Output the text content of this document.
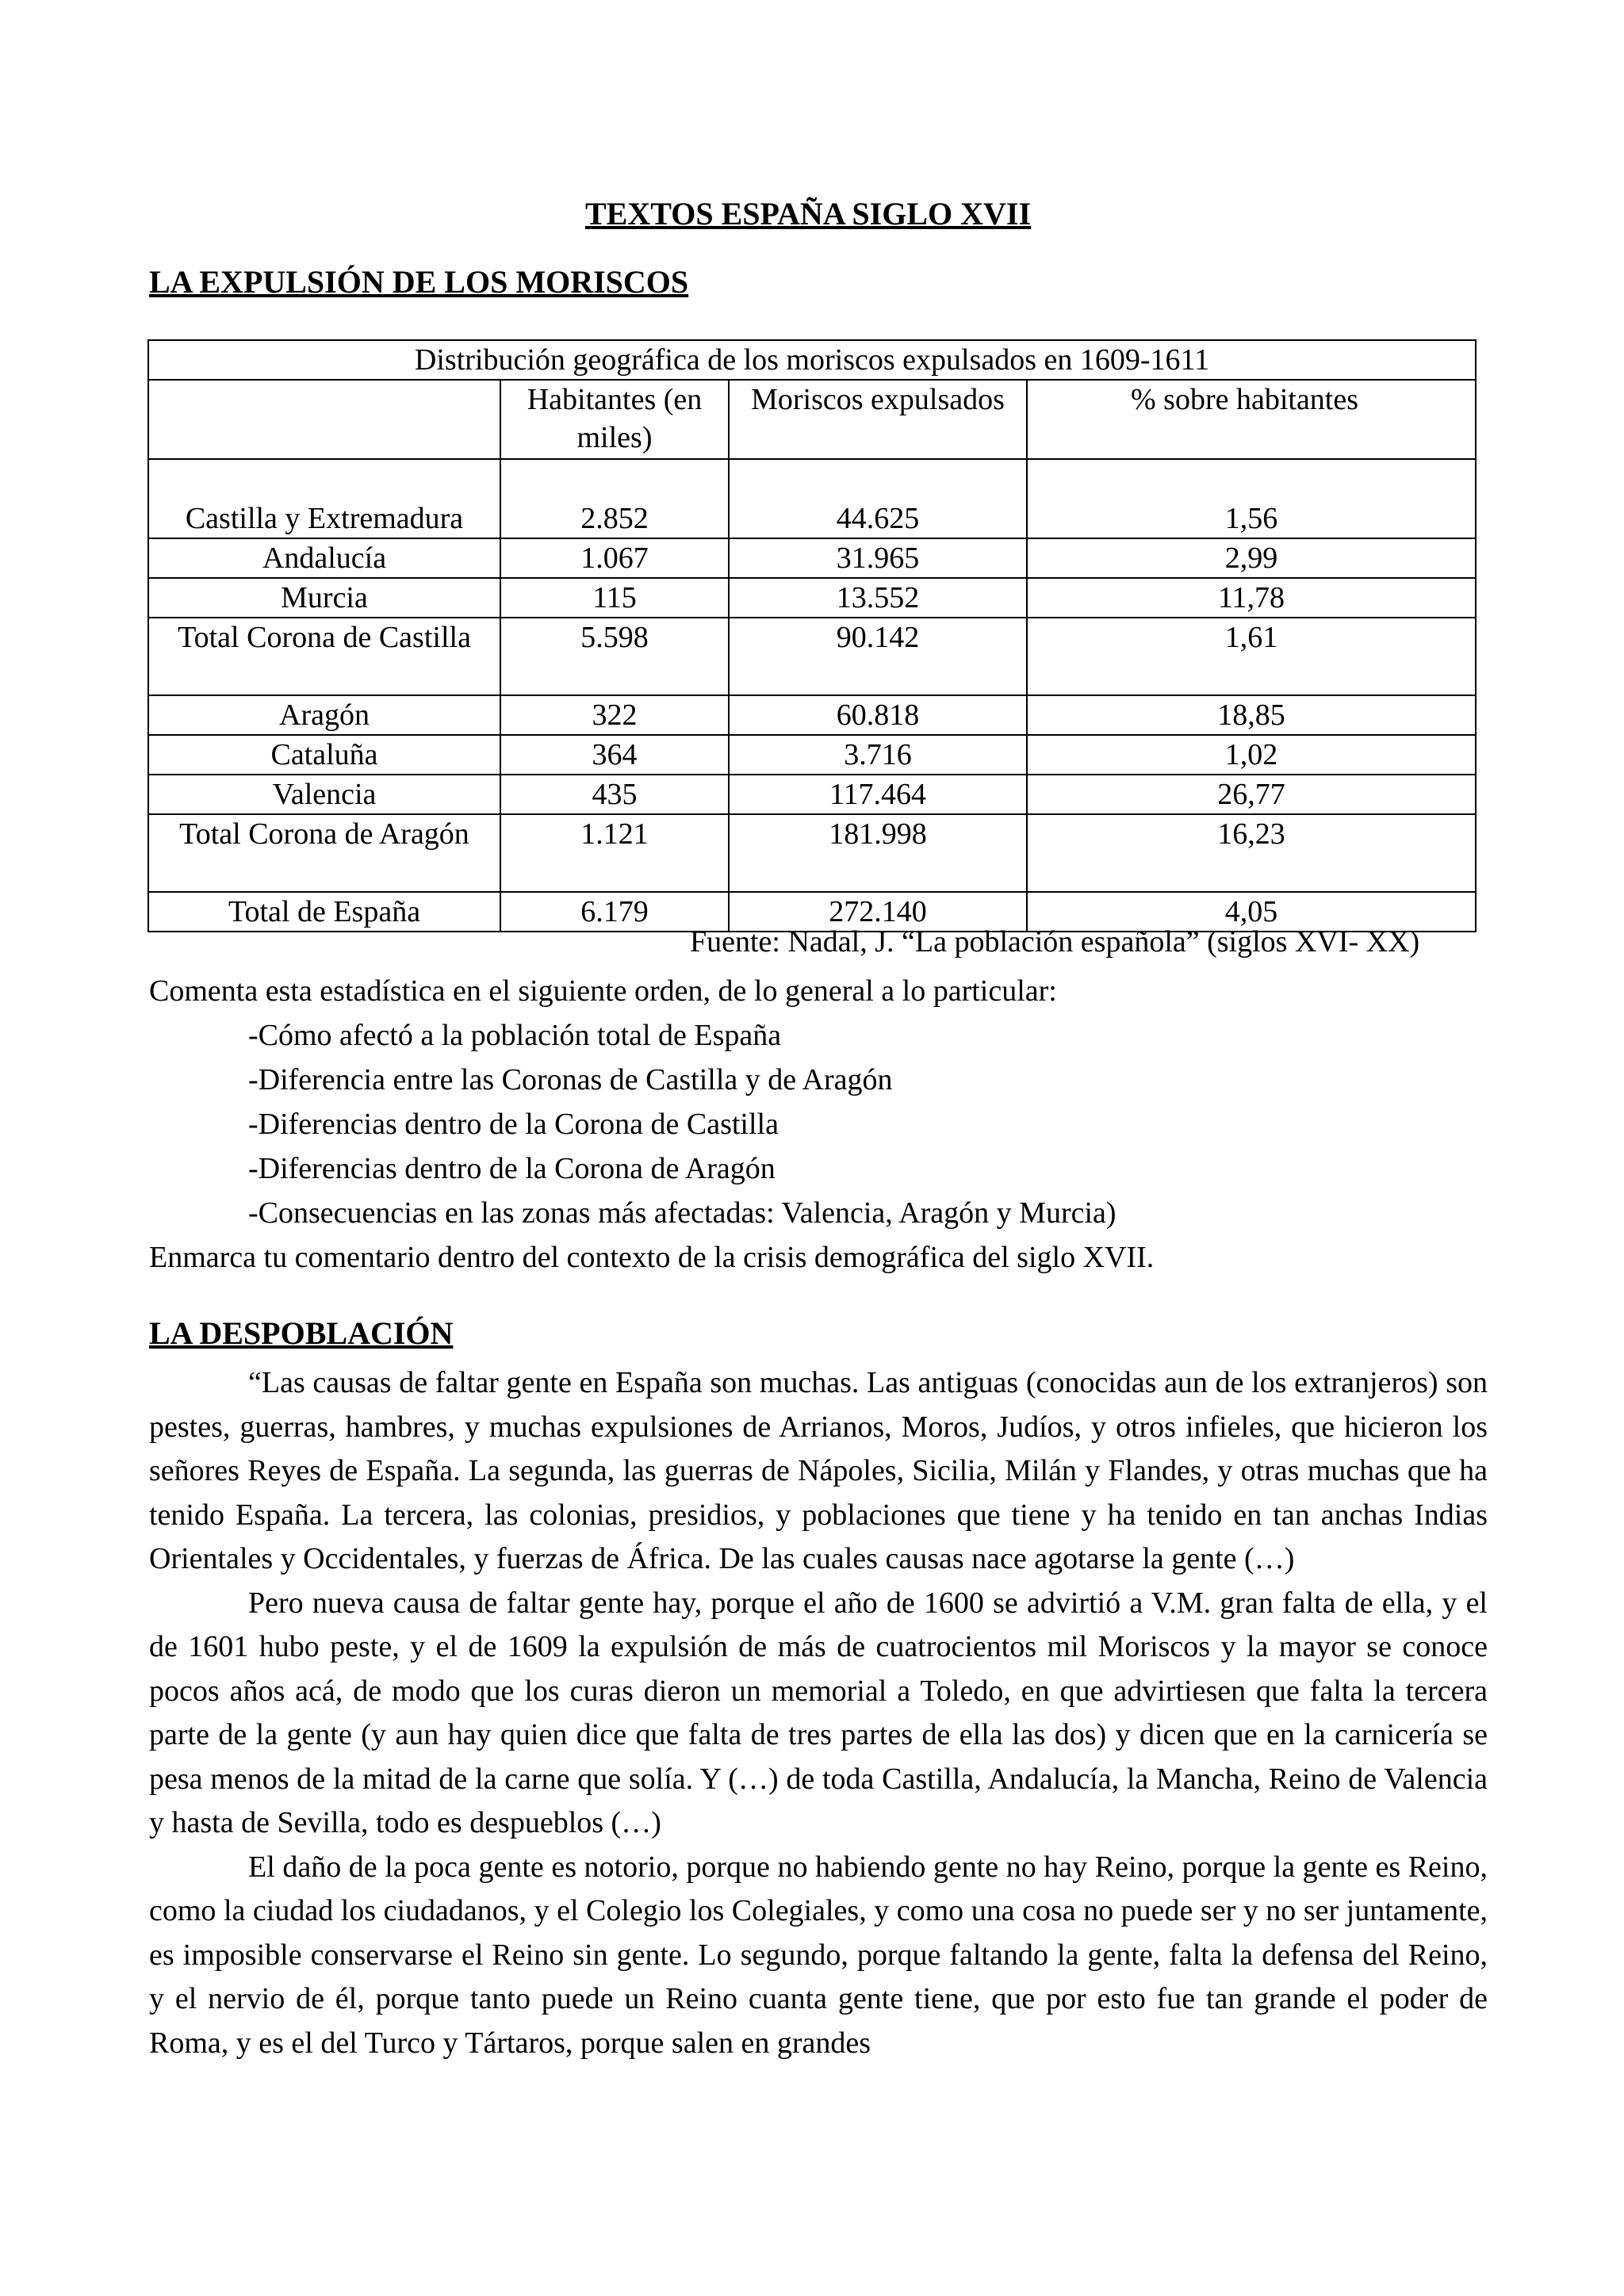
TEXTOS ESPAÑA SIGLO XVII
LA EXPULSIÓN DE LOS MORISCOS
Distribución geográfica de los moriscos expulsados en 1609-1611			
	Habitantes (en miles)	Moriscos expulsados	% sobre habitantes
Castilla y Extremadura	2.852	44.625	1,56
Andalucía	1.067	31.965	2,99
Murcia	115	13.552	11,78
Total Corona de Castilla	5.598	90.142	1,61
Aragón	322	60.818	18,85
Cataluña	364	3.716	1,02
Valencia	435	117.464	26,77
Total Corona de Aragón	1.121	181.998	16,23
Total de España	6.179	272.140	4,05
Fuente: Nadal, J. “La población española” (siglos XVI- XX)
Comenta esta estadística en el siguiente orden, de lo general a lo particular:
-Cómo afectó a la población total de España
-Diferencia entre las Coronas de Castilla y de Aragón
-Diferencias dentro de la Corona de Castilla
-Diferencias dentro de la Corona de Aragón
-Consecuencias en las zonas más afectadas: Valencia, Aragón y Murcia)
Enmarca tu comentario dentro del contexto de la crisis demográfica del siglo XVII.
LA DESPOBLACIÓN

“Las causas de faltar gente en España son muchas. Las antiguas (conocidas aun de los extranjeros) son pestes, guerras, hambres, y muchas expulsiones de Arrianos, Moros, Judíos, y otros infieles, que hicieron los señores Reyes de España. La segunda, las guerras de Nápoles, Sicilia, Milán y Flandes, y otras muchas que ha tenido España. La tercera, las colonias, presidios, y poblaciones que tiene y ha tenido en tan anchas Indias Orientales y Occidentales, y fuerzas de África. De las cuales causas nace agotarse la gente (…)

Pero nueva causa de faltar gente hay, porque el año de 1600 se advirtió a V.M. gran falta de ella, y el de 1601 hubo peste, y el de 1609 la expulsión de más de cuatrocientos mil Moriscos y la mayor se conoce pocos años acá, de modo que los curas dieron un memorial a Toledo, en que advirtiesen que falta la tercera parte de la gente (y aun hay quien dice que falta de tres partes de ella las dos) y dicen que en la carnicería se pesa menos de la mitad de la carne que solía. Y (…) de toda Castilla, Andalucía, la Mancha, Reino de Valencia y hasta de Sevilla, todo es despueblos (…)

El daño de la poca gente es notorio, porque no habiendo gente no hay Reino, porque la gente es Reino, como la ciudad los ciudadanos, y el Colegio los Colegiales, y como una cosa no puede ser y no ser juntamente, es imposible conservarse el Reino sin gente. Lo segundo, porque faltando la gente, falta la defensa del Reino, y el nervio de él, porque tanto puede un Reino cuanta gente tiene, que por esto fue tan grande el poder de Roma, y es el del Turco y Tártaros, porque salen en grandes
